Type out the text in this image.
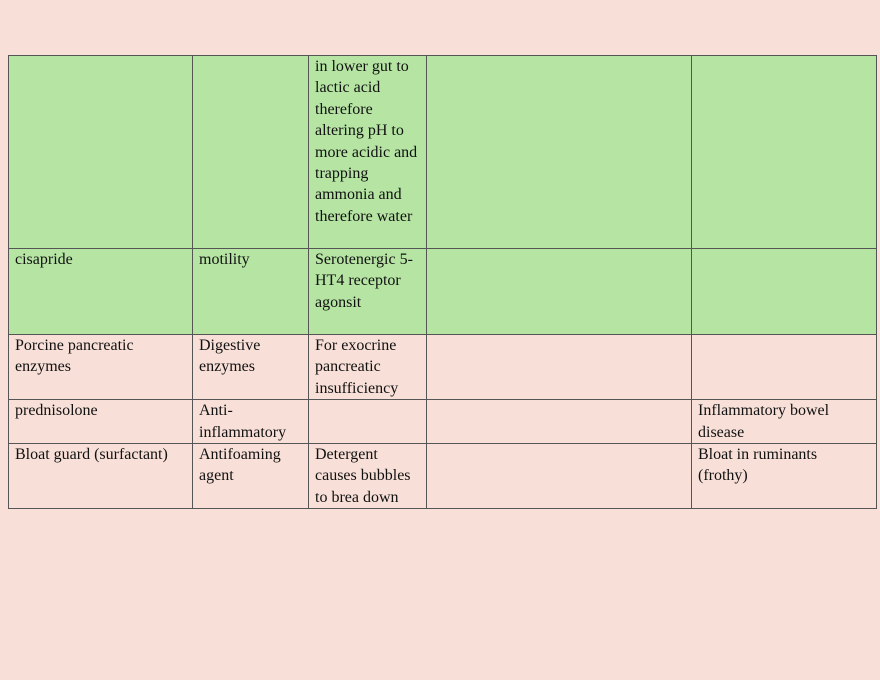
		in lower gut to lactic acid therefore altering pH to more acidic and trapping ammonia and therefore water		
cisapride	motility	Serotenergic 5-HT4 receptor agonsit		
Porcine pancreatic enzymes	Digestive enzymes	For exocrine pancreatic insufficiency		
prednisolone	Anti-inflammatory			Inflammatory bowel disease
Bloat guard (surfactant)	Antifoaming agent	Detergent causes bubbles to brea down		Bloat in ruminants (frothy)
